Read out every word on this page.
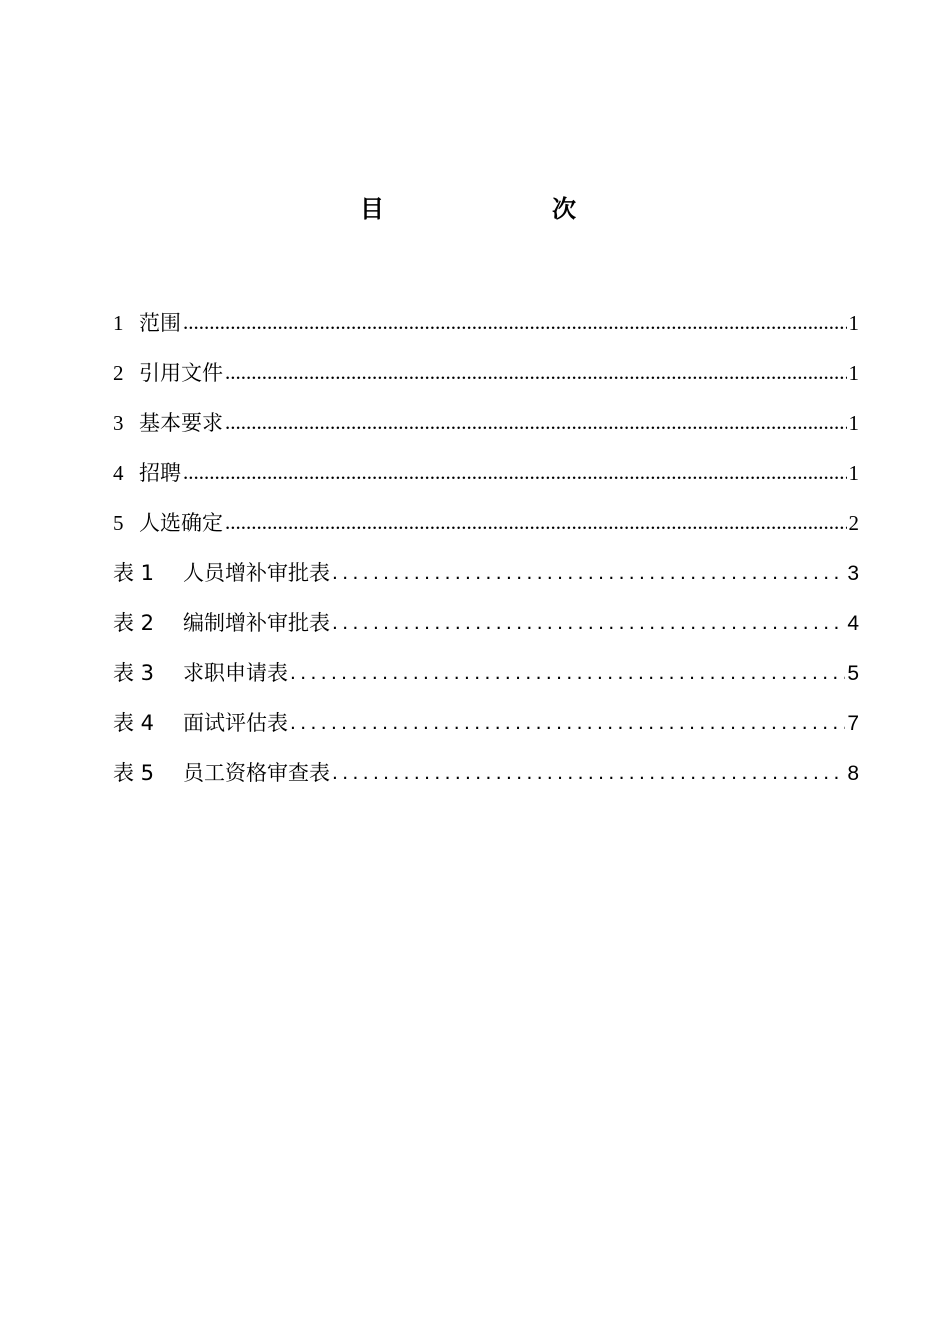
目　　次
1 范围 .....	1
2 引用文件 .....	1
3 基本要求 .....	1
4 招聘 .....	1
5 人选确定 .....	2
表 1	人员增补审批表 .....	3
表 2	编制增补审批表 .....	4
表 3	求职申请表 .....	5
表 4	面试评估表 .....	7
表 5	员工资格审查表 .....	8
